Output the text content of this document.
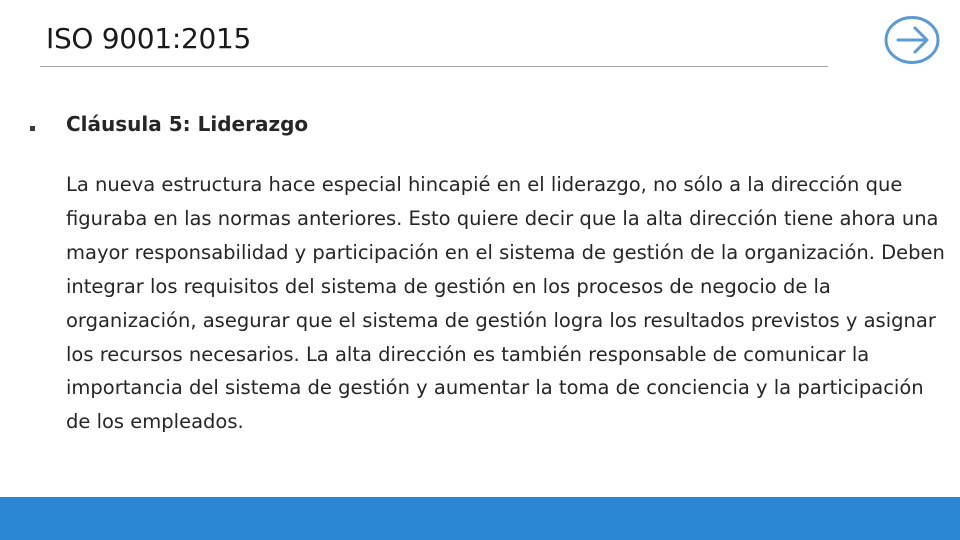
ISO 9001:2015
Cláusula 5: Liderazgo

La nueva estructura hace especial hincapié en el liderazgo, no sólo a la dirección que figuraba en las normas anteriores. Esto quiere decir que la alta dirección tiene ahora una mayor responsabilidad y participación en el sistema de gestión de la organización. Deben integrar los requisitos del sistema de gestión en los procesos de negocio de la organización, asegurar que el sistema de gestión logra los resultados previstos y asignar los recursos necesarios. La alta dirección es también responsable de comunicar la importancia del sistema de gestión y aumentar la toma de conciencia y la participación de los empleados.
